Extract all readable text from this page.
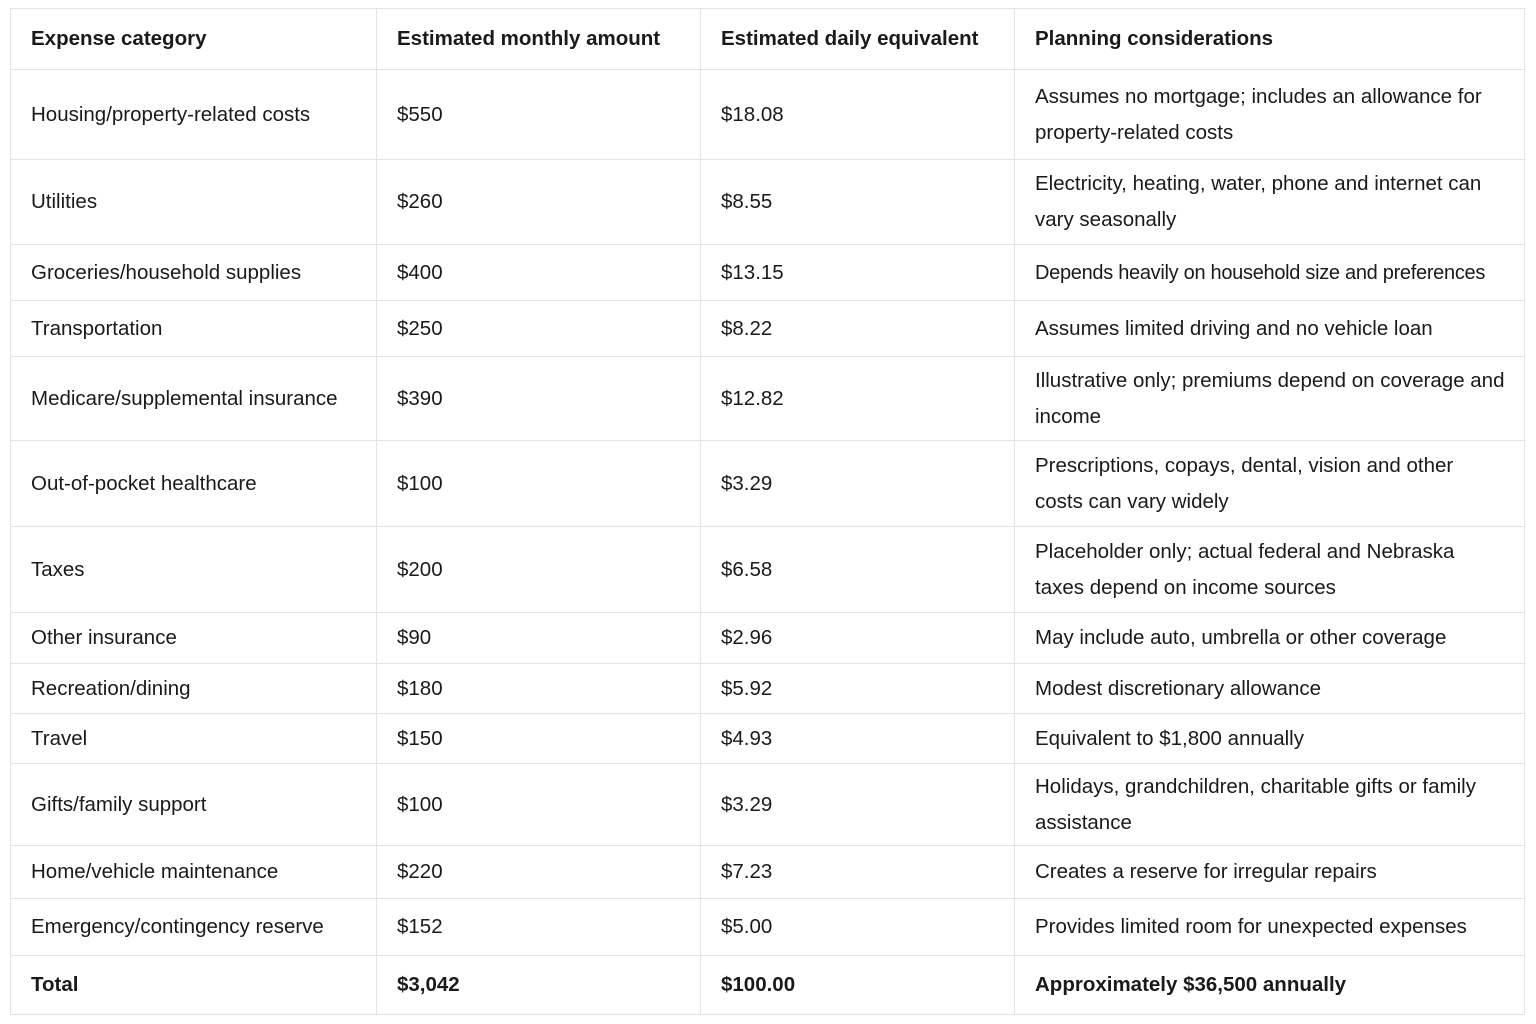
Expense category	Estimated monthly amount	Estimated daily equivalent	Planning considerations
Housing/property-related costs	$550	$18.08	Assumes no mortgage; includes an allowance for property-related costs
Utilities	$260	$8.55	Electricity, heating, water, phone and internet can vary seasonally
Groceries/household supplies	$400	$13.15	Depends heavily on household size and preferences
Transportation	$250	$8.22	Assumes limited driving and no vehicle loan
Medicare/supplemental insurance	$390	$12.82	Illustrative only; premiums depend on coverage and income
Out-of-pocket healthcare	$100	$3.29	Prescriptions, copays, dental, vision and other costs can vary widely
Taxes	$200	$6.58	Placeholder only; actual federal and Nebraska taxes depend on income sources
Other insurance	$90	$2.96	May include auto, umbrella or other coverage
Recreation/dining	$180	$5.92	Modest discretionary allowance
Travel	$150	$4.93	Equivalent to $1,800 annually
Gifts/family support	$100	$3.29	Holidays, grandchildren, charitable gifts or family assistance
Home/vehicle maintenance	$220	$7.23	Creates a reserve for irregular repairs
Emergency/contingency reserve	$152	$5.00	Provides limited room for unexpected expenses
Total	$3,042	$100.00	Approximately $36,500 annually
